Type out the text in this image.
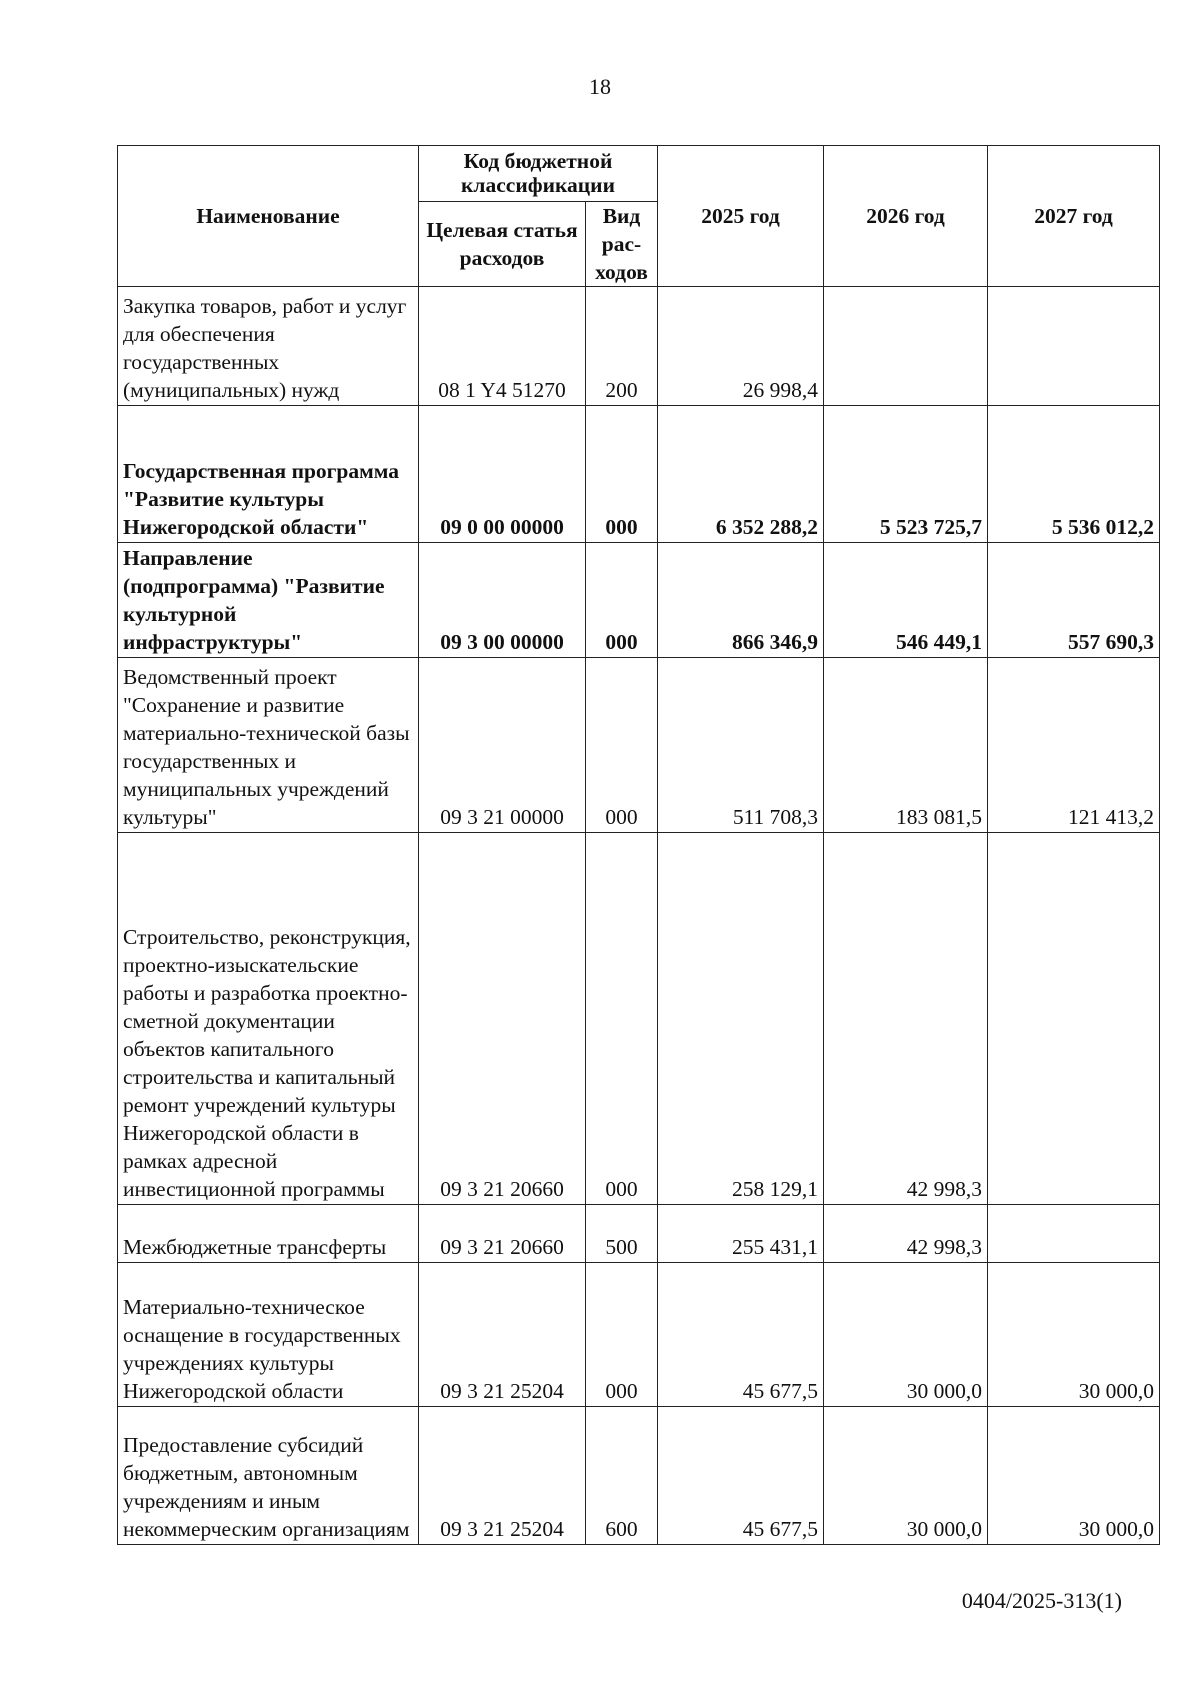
18
Наименование	Код бюджетной классификации		2025 год	2026 год	2027 год
	Целевая статья расходов	Вид рас- ходов			
Закупка товаров, работ и услуг для обеспечения государственных (муниципальных) нужд	08 1 Y4 51270	200	26 998,4		
Государственная программа "Развитие культуры Нижегородской области"	09 0 00 00000	000	6 352 288,2	5 523 725,7	5 536 012,2
Направление (подпрограмма) "Развитие культурной инфраструктуры"	09 3 00 00000	000	866 346,9	546 449,1	557 690,3
Ведомственный проект "Сохранение и развитие материально-технической базы государственных и муниципальных учреждений культуры"	09 3 21 00000	000	511 708,3	183 081,5	121 413,2
Строительство, реконструкция, проектно-изыскательские работы и разработка проектно-сметной документации объектов капитального строительства и капитальный ремонт учреждений культуры Нижегородской области в рамках адресной инвестиционной программы	09 3 21 20660	000	258 129,1	42 998,3	
Межбюджетные трансферты	09 3 21 20660	500	255 431,1	42 998,3	
Материально-техническое оснащение в государственных учреждениях культуры Нижегородской области	09 3 21 25204	000	45 677,5	30 000,0	30 000,0
Предоставление субсидий бюджетным, автономным учреждениям и иным некоммерческим организациям	09 3 21 25204	600	45 677,5	30 000,0	30 000,0
0404/2025-313(1)
